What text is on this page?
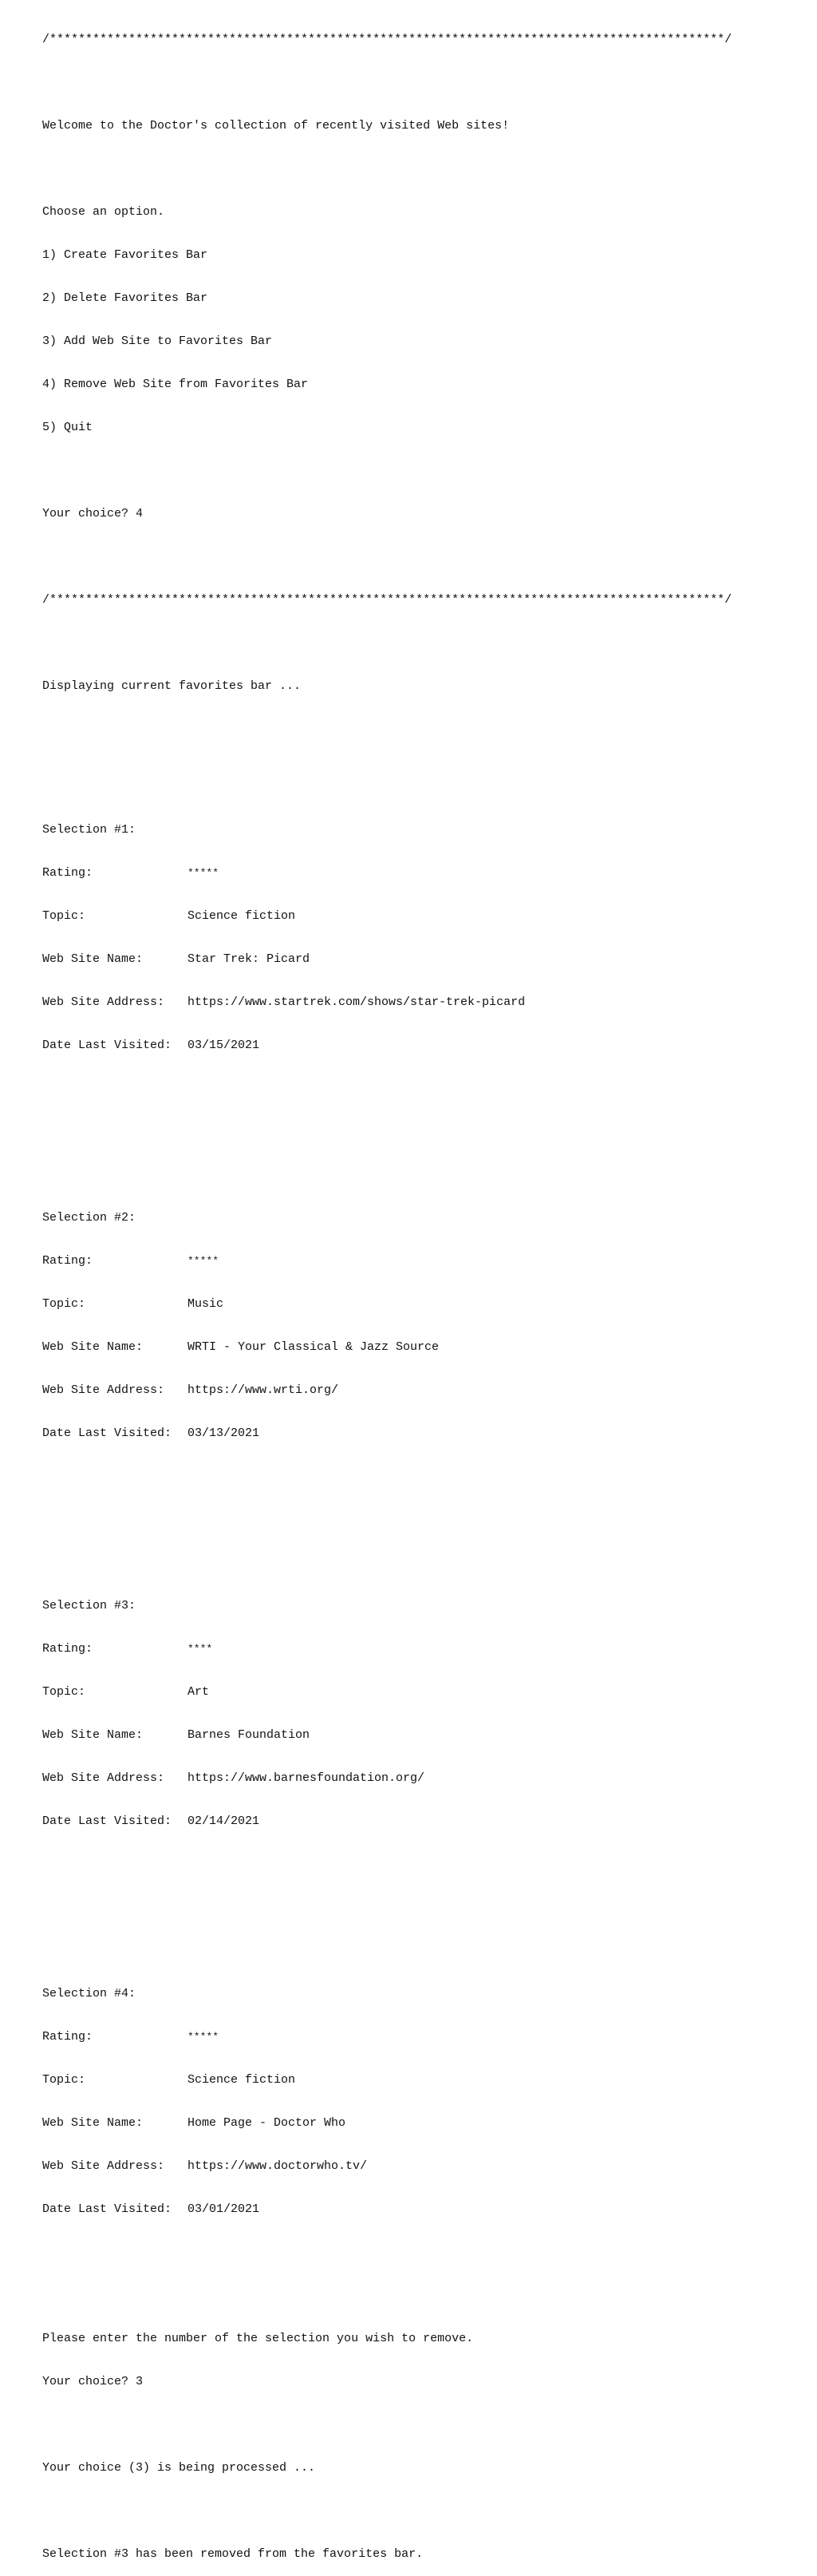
/**********************************************************************************************/

Welcome to the Doctor's collection of recently visited Web sites!

Choose an option.

1) Create Favorites Bar

2) Delete Favorites Bar

3) Add Web Site to Favorites Bar

4) Remove Web Site from Favorites Bar

5) Quit

Your choice? 4

/**********************************************************************************************/

Displaying current favorites bar ...

Selection #1:

Rating:	*****

Topic:	Science fiction

Web Site Name:	Star Trek: Picard

Web Site Address:	https://www.startrek.com/shows/star-trek-picard

Date Last Visited:	03/15/2021

Selection #2:

Rating:	*****

Topic:	Music

Web Site Name:	WRTI - Your Classical & Jazz Source

Web Site Address:	https://www.wrti.org/

Date Last Visited:	03/13/2021

Selection #3:

Rating:	****

Topic:	Art

Web Site Name:	Barnes Foundation

Web Site Address:	https://www.barnesfoundation.org/

Date Last Visited:	02/14/2021

Selection #4:

Rating:	*****

Topic:	Science fiction

Web Site Name:	Home Page - Doctor Who

Web Site Address:	https://www.doctorwho.tv/

Date Last Visited:	03/01/2021

Please enter the number of the selection you wish to remove.

Your choice? 3

Your choice (3) is being processed ...

Selection #3 has been removed from the favorites bar.
